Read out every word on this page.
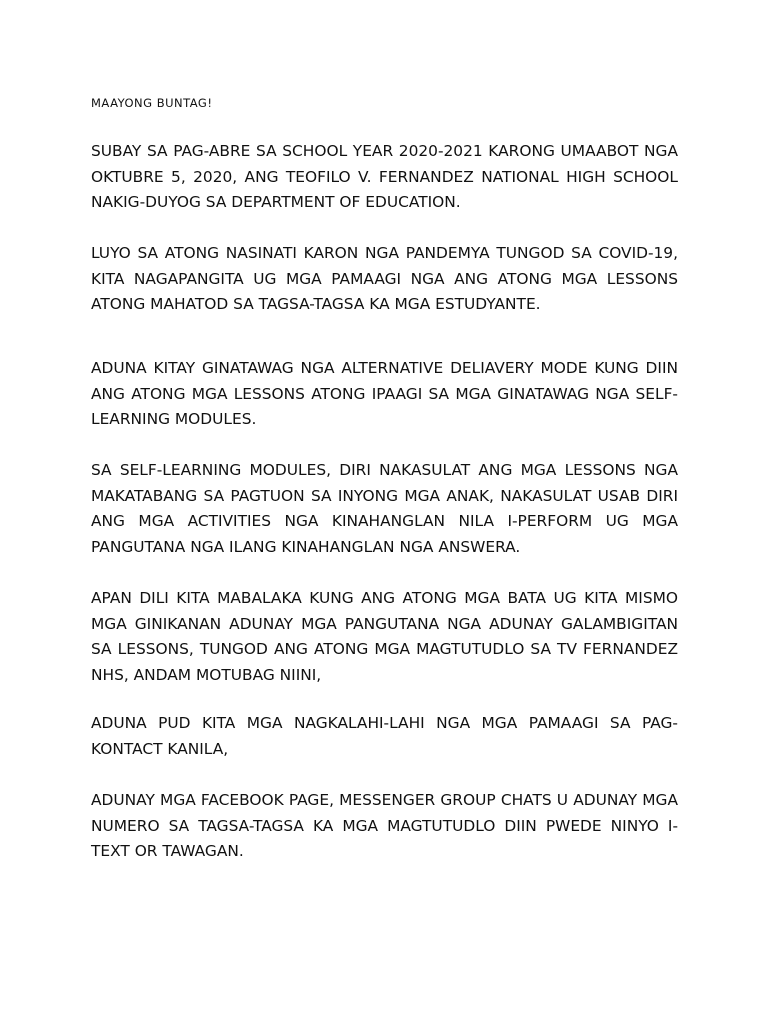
MAAYONG BUNTAG!

SUBAY SA PAG-ABRE SA SCHOOL YEAR 2020-2021 KARONG UMAABOT NGA OKTUBRE 5, 2020, ANG TEOFILO V. FERNANDEZ NATIONAL HIGH SCHOOL NAKIG-DUYOG SA DEPARTMENT OF EDUCATION.

LUYO SA ATONG NASINATI KARON NGA PANDEMYA TUNGOD SA COVID-19, KITA NAGAPANGITA UG MGA PAMAAGI NGA ANG ATONG MGA LESSONS ATONG MAHATOD SA TAGSA-TAGSA KA MGA ESTUDYANTE.

ADUNA KITAY GINATAWAG NGA ALTERNATIVE DELIAVERY MODE KUNG DIIN ANG ATONG MGA LESSONS ATONG IPAAGI SA MGA GINATAWAG NGA SELF-LEARNING MODULES.

SA SELF-LEARNING MODULES, DIRI NAKASULAT ANG MGA LESSONS NGA MAKATABANG SA PAGTUON SA INYONG MGA ANAK, NAKASULAT USAB DIRI ANG MGA ACTIVITIES NGA KINAHANGLAN NILA I-PERFORM UG MGA PANGUTANA NGA ILANG KINAHANGLAN NGA ANSWERA.

APAN DILI KITA MABALAKA KUNG ANG ATONG MGA BATA UG KITA MISMO MGA GINIKANAN ADUNAY MGA PANGUTANA NGA ADUNAY GALAMBIGITAN SA LESSONS, TUNGOD ANG ATONG MGA MAGTUTUDLO SA TV FERNANDEZ NHS, ANDAM MOTUBAG NIINI,

ADUNA PUD KITA MGA NAGKALAHI-LAHI NGA MGA PAMAAGI SA PAG-KONTACT KANILA,

ADUNAY MGA FACEBOOK PAGE, MESSENGER GROUP CHATS U ADUNAY MGA NUMERO SA TAGSA-TAGSA KA MGA MAGTUTUDLO DIIN PWEDE NINYO I-TEXT OR TAWAGAN.
